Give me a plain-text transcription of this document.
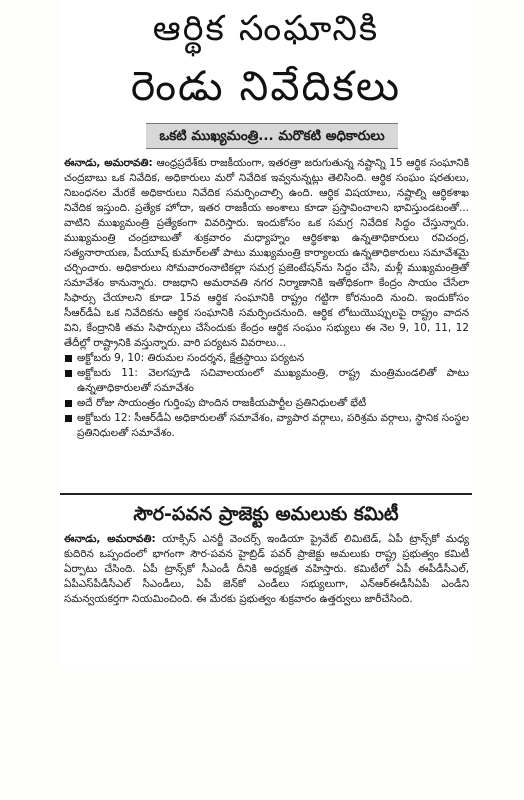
ఆర్థిక సంఘానికి
రెండు నివేదికలు
ఒకటి ముఖ్యమంత్రి... మరొకటి అధికారులు

ఈనాడు, అమరావతి: ఆంధ్రప్రదేశ్‌కు రాజకీయంగా, ఇతరత్రా జరుగుతున్న నష్టాన్ని 15 ఆర్థిక సంఘానికి చంద్రబాబు ఒక నివేదిక, అధికారులు మరో నివేదిక ఇవ్వనున్నట్లు తెలిసింది. ఆర్థిక సంఘం షరతులు, నిబంధనల మేరకే అధికారులు నివేదిక సమర్పించాల్సి ఉంది. ఆర్థిక విషయాలు, నష్టాల్ని ఆర్థికశాఖ నివేదిక ఇస్తుంది. ప్రత్యేక హోదా, ఇతర రాజకీయ అంశాలు కూడా ప్రస్తావించాలని భావిస్తుండటంతో... వాటిని ముఖ్యమంత్రి ప్రత్యేకంగా వివరిస్తారు. ఇందుకోసం ఒక సమగ్ర నివేదిక సిద్ధం చేస్తున్నారు. ముఖ్యమంత్రి చంద్రబాబుతో శుక్రవారం మధ్యాహ్నం ఆర్థికశాఖ ఉన్నతాధికారులు రవిచంద్ర, సత్యనారాయణ, పీయూష్ కుమార్‌లతో పాటు ముఖ్యమంత్రి కార్యాలయ ఉన్నతాధికారులు సమావేశమై చర్చించారు. అధికారులు సోమవారంనాటికల్లా సమగ్ర ప్రజెంటేషన్‌ను సిద్ధం చేసి, మళ్లీ ముఖ్యమంత్రితో సమావేశం కానున్నారు. రాజధాని అమరావతి నగర నిర్మాణానికి ఇతోధికంగా కేంద్రం సాయం చేసేలా సిఫార్సు చేయాలని కూడా 15వ ఆర్థిక సంఘానికి రాష్ట్రం గట్టిగా కోరనుంది నుంచి. ఇందుకోసం సీఆర్‌డీఏ ఒక నివేదికను ఆర్థిక సంఘానికి సమర్పించనుంది. ఆర్థిక లోటుయొప్పులపై రాష్ట్రం వాదన విని, కేంద్రానికి తమ సిఫార్సులు చేసేందుకు కేంద్రం ఆర్థిక సంఘం సభ్యులు ఈ నెల 9, 10, 11, 12 తేదీల్లో రాష్ట్రానికి వస్తున్నారు. వారి పర్యటన వివరాలు...

అక్టోబరు 9, 10: తిరుమల సందర్శన, క్షేత్రస్థాయి పర్యటన
అక్టోబరు 11: వెలగపూడి సచివాలయంలో ముఖ్యమంత్రి, రాష్ట్ర మంత్రిమండలితో పాటు ఉన్నతాధికారులతో సమావేశం
అదే రోజు సాయంత్రం గుర్తింపు పొందిన రాజకీయపార్టీల ప్రతినిధులతో భేటీ
అక్టోబరు 12: సీఆర్‌డీఏ అధికారులతో సమావేశం, వ్యాపార వర్గాలు, పరిశ్రమ వర్గాలు, స్థానిక సంస్థల ప్రతినిధులతో సమావేశం.
సౌర-పవన ప్రాజెక్టు అమలుకు కమిటీ

ఈనాడు, అమరావతి: యాక్సిస్ ఎనర్జీ వెంచర్స్ ఇండియా ప్రైవేట్ లిమిటెడ్, ఏపీ ట్రాన్స్‌కో మధ్య కుదిరిన ఒప్పందంలో భాగంగా సౌర-పవన హైబ్రిడ్ పవర్ ప్రాజెక్టు అమలుకు రాష్ట్ర ప్రభుత్వం కమిటీ ఏర్పాటు చేసింది. ఏపీ ట్రాన్స్‌కో సీఎండీ దీనికి అధ్యక్షత వహిస్తారు. కమిటీలో ఏపీ ఈపీడీసీఎల్, ఏపీఎస్‌పీడీసీఎల్ సీఎండీలు, ఏపీ జెన్‌కో ఎండీలు సభ్యులుగా, ఎన్‌ఆర్‌ఈడీసీఏపీ ఎండీని సమన్వయకర్తగా నియమించింది. ఈ మేరకు ప్రభుత్వం శుక్రవారం ఉత్తర్వులు జారీచేసింది.
